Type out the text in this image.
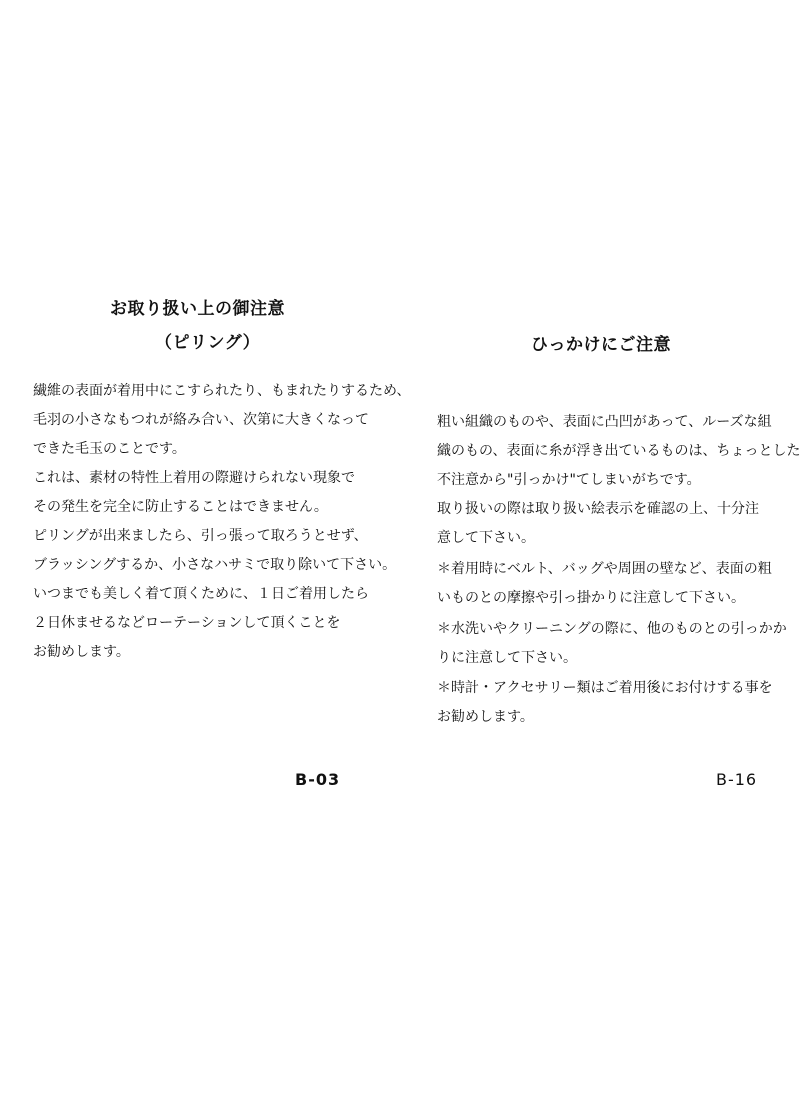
お取り扱い上の御注意
（ピリング）
繊維の表面が着用中にこすられたり、もまれたりするため、
毛羽の小さなもつれが絡み合い、次第に大きくなって
できた毛玉のことです。
これは、素材の特性上着用の際避けられない現象で
その発生を完全に防止することはできません。
ピリングが出来ましたら、引っ張って取ろうとせず、
ブラッシングするか、小さなハサミで取り除いて下さい。
いつまでも美しく着て頂くために、１日ご着用したら
２日休ませるなどローテーションして頂くことを
お勧めします。
B-03
ひっかけにご注意
粗い組織のものや、表面に凸凹があって、ルーズな組
織のもの、表面に糸が浮き出ているものは、ちょっとした
不注意から"引っかけ"てしまいがちです。
取り扱いの際は取り扱い絵表示を確認の上、十分注
意して下さい。
＊着用時にベルト、バッグや周囲の壁など、表面の粗
いものとの摩擦や引っ掛かりに注意して下さい。
＊水洗いやクリーニングの際に、他のものとの引っかか
りに注意して下さい。
＊時計・アクセサリー類はご着用後にお付けする事を
お勧めします。
B-16
